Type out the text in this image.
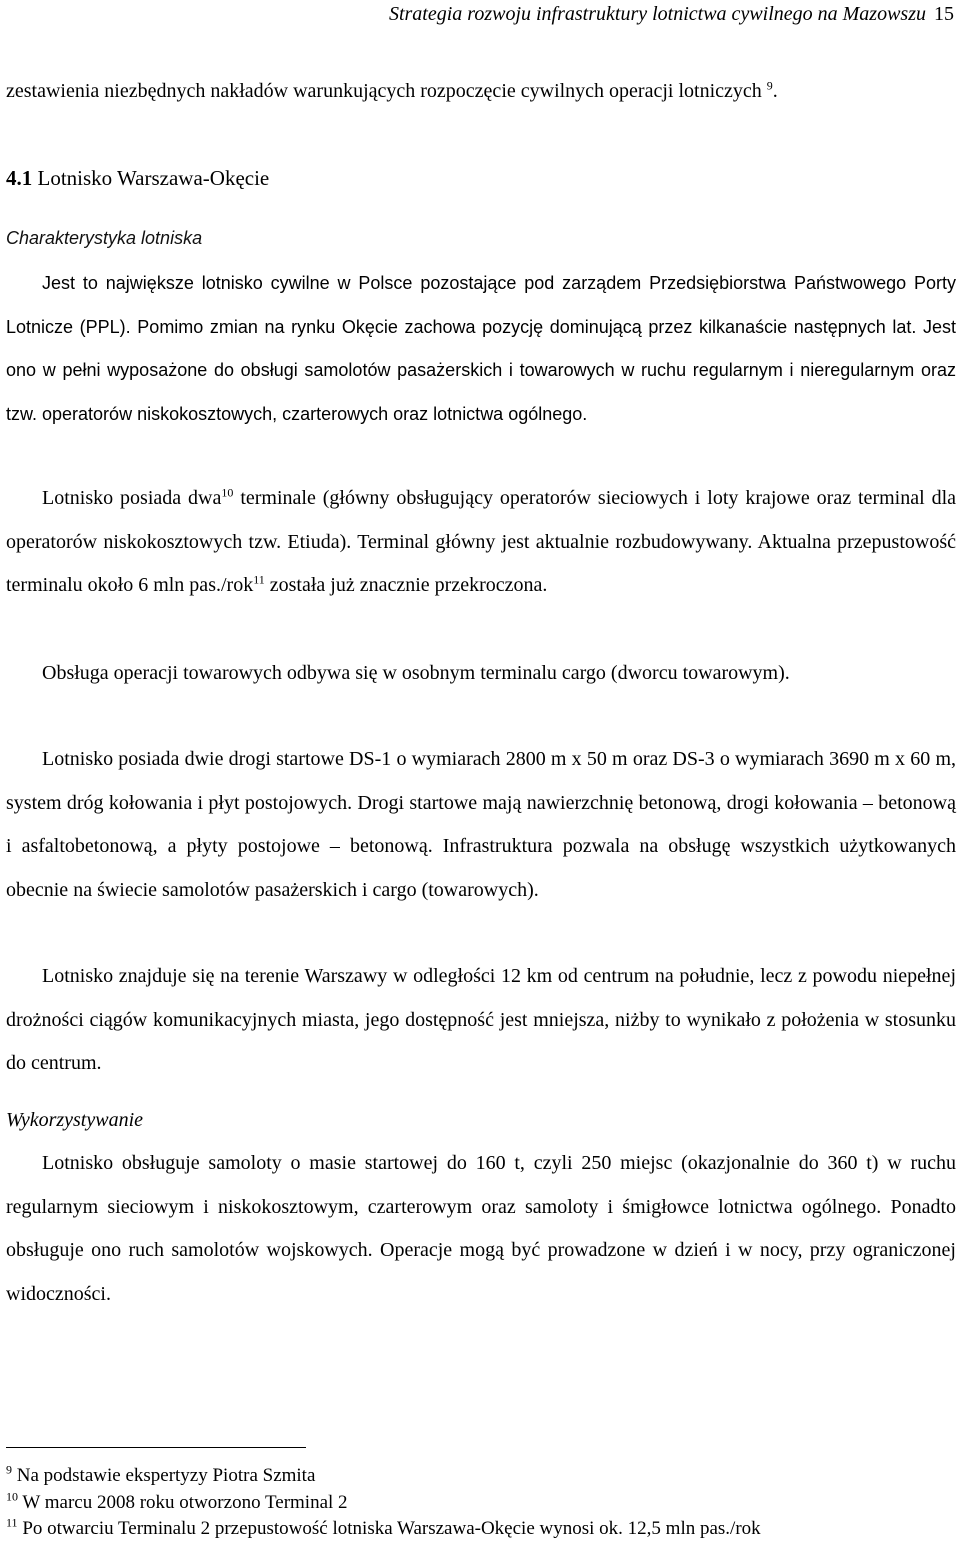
Strategia rozwoju infrastruktury lotnictwa cywilnego na Mazowszu 15
zestawienia niezbędnych nakładów warunkujących rozpoczęcie cywilnych operacji lotniczych $^9$.
4.1 Lotnisko Warszawa-Okęcie
Charakterystyka lotniska
Jest to największe lotnisko cywilne w Polsce pozostające pod zarządem Przedsiębiorstwa Państwowego Porty Lotnicze (PPL). Pomimo zmian na rynku Okęcie zachowa pozycję dominującą przez kilkanaście następnych lat. Jest ono w pełni wyposażone do obsługi samolotów pasażerskich i towarowych w ruchu regularnym i nieregularnym oraz tzw. operatorów niskokosztowych, czarterowych oraz lotnictwa ogólnego.
Lotnisko posiada dwa$^{10}$ terminale (główny obsługujący operatorów sieciowych i loty krajowe oraz terminal dla operatorów niskokosztowych tzw. Etiuda). Terminal główny jest aktualnie rozbudowywany. Aktualna przepustowość terminalu około 6 mln pas./rok$^{11}$ została już znacznie przekroczona.
Obsługa operacji towarowych odbywa się w osobnym terminalu cargo (dworcu towarowym).
Lotnisko posiada dwie drogi startowe DS-1 o wymiarach 2800 m x 50 m oraz DS-3 o wymiarach 3690 m x 60 m, system dróg kołowania i płyt postojowych. Drogi startowe mają nawierzchnię betonową, drogi kołowania – betonową i asfaltobetonową, a płyty postojowe – betonową. Infrastruktura pozwala na obsługę wszystkich użytkowanych obecnie na świecie samolotów pasażerskich i cargo (towarowych).
Lotnisko znajduje się na terenie Warszawy w odległości 12 km od centrum na południe, lecz z powodu niepełnej drożności ciągów komunikacyjnych miasta, jego dostępność jest mniejsza, niżby to wynikało z położenia w stosunku do centrum.
Wykorzystywanie
Lotnisko obsługuje samoloty o masie startowej do 160 t, czyli 250 miejsc (okazjonalnie do 360 t) w ruchu regularnym sieciowym i niskokosztowym, czarterowym oraz samoloty i śmigłowce lotnictwa ogólnego. Ponadto obsługuje ono ruch samolotów wojskowych. Operacje mogą być prowadzone w dzień i w nocy, przy ograniczonej widoczności.
$^9$ Na podstawie ekspertyzy Piotra Szmita
$^{10}$ W marcu 2008 roku otworzono Terminal 2
$^{11}$ Po otwarciu Terminalu 2 przepustowość lotniska Warszawa-Okęcie wynosi ok. 12,5 mln pas./rok
